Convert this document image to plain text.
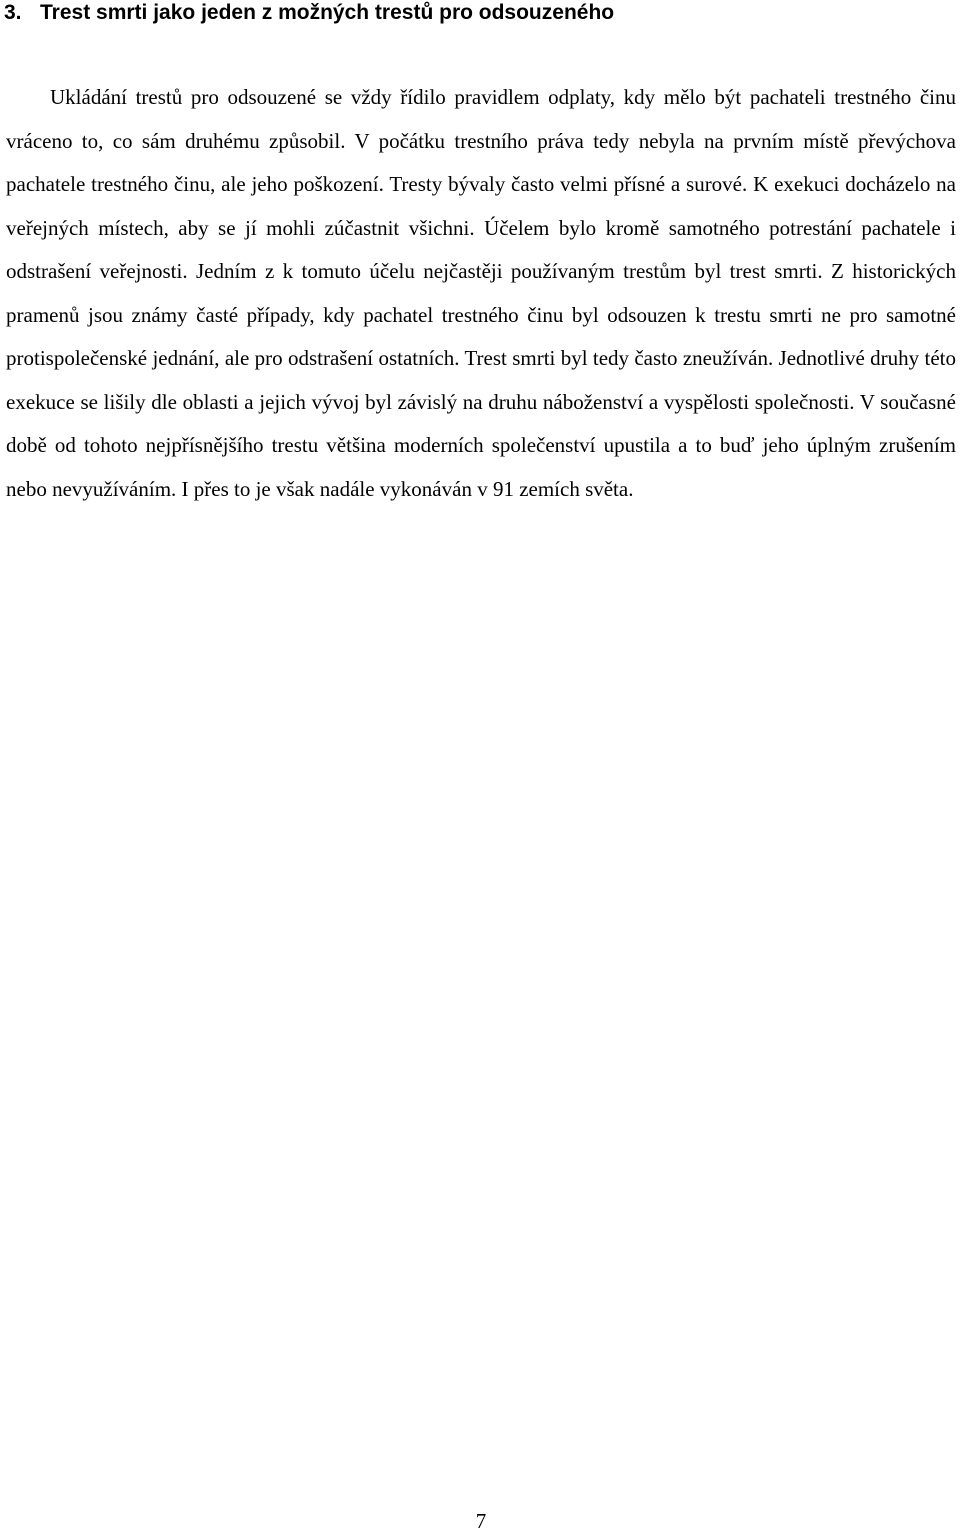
3. Trest smrti jako jeden z možných trestů pro odsouzeného

Ukládání trestů pro odsouzené se vždy řídilo pravidlem odplaty, kdy mělo být pachateli trestného činu vráceno to, co sám druhému způsobil. V počátku trestního práva tedy nebyla na prvním místě převýchova pachatele trestného činu, ale jeho poškození. Tresty bývaly často velmi přísné a surové. K exekuci docházelo na veřejných místech, aby se jí mohli zúčastnit všichni. Účelem bylo kromě samotného potrestání pachatele i odstrašení veřejnosti. Jedním z k tomuto účelu nejčastěji používaným trestům byl trest smrti. Z historických pramenů jsou známy časté případy, kdy pachatel trestného činu byl odsouzen k trestu smrti ne pro samotné protispolečenské jednání, ale pro odstrašení ostatních. Trest smrti byl tedy často zneužíván. Jednotlivé druhy této exekuce se lišily dle oblasti a jejich vývoj byl závislý na druhu náboženství a vyspělosti společnosti. V současné době od tohoto nejpřísnějšího trestu většina moderních společenství upustila a to buď jeho úplným zrušením nebo nevyužíváním. I přes to je však nadále vykonáván v 91 zemích světa.

7
